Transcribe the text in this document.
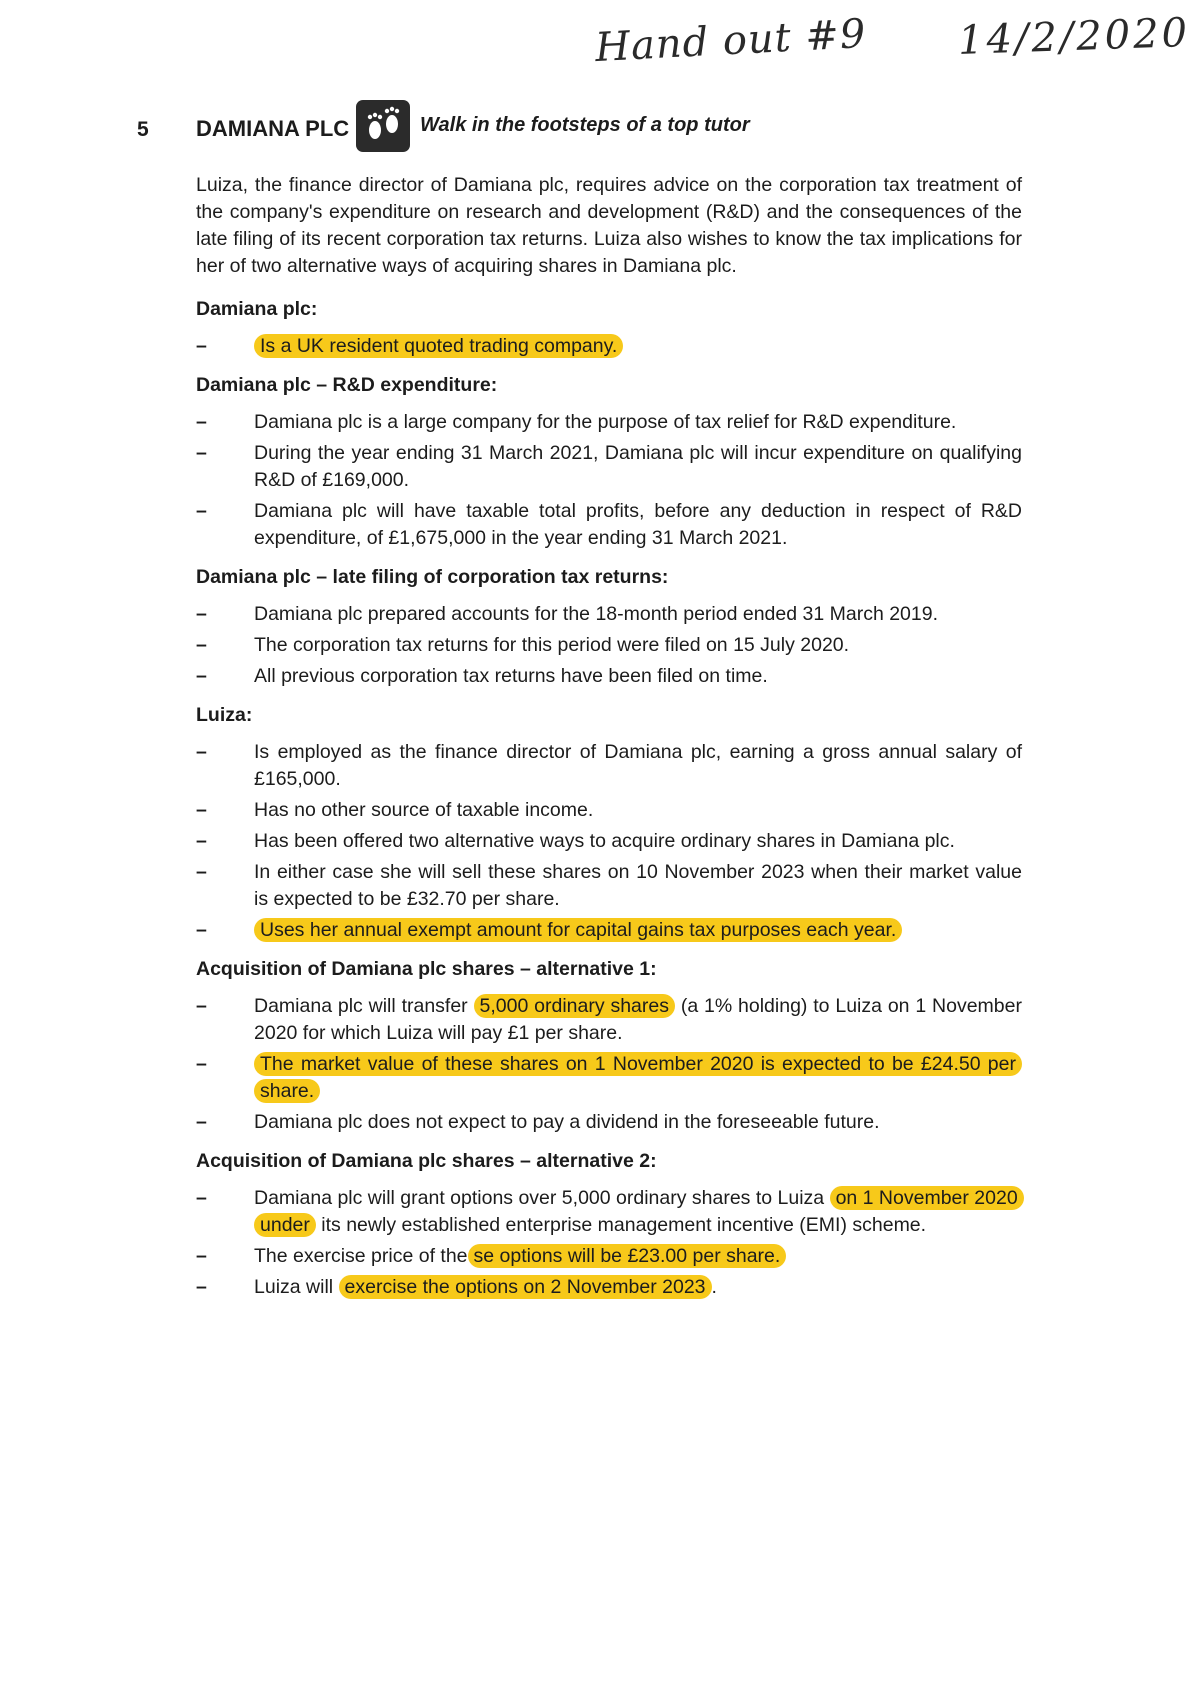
Hand out #9 14/2/2020
5 DAMIANA PLC	Walk in the footsteps of a top tutor

Luiza, the finance director of Damiana plc, requires advice on the corporation tax treatment of the company's expenditure on research and development (R&D) and the consequences of the late filing of its recent corporation tax returns. Luiza also wishes to know the tax implications for her of two alternative ways of acquiring shares in Damiana plc.

Damiana plc:
– Is a UK resident quoted trading company.
Damiana plc – R&D expenditure:
– Damiana plc is a large company for the purpose of tax relief for R&D expenditure.
– During the year ending 31 March 2021, Damiana plc will incur expenditure on qualifying R&D of £169,000.
– Damiana plc will have taxable total profits, before any deduction in respect of R&D expenditure, of £1,675,000 in the year ending 31 March 2021.
Damiana plc – late filing of corporation tax returns:
– Damiana plc prepared accounts for the 18-month period ended 31 March 2019.
– The corporation tax returns for this period were filed on 15 July 2020.
– All previous corporation tax returns have been filed on time.
Luiza:
– Is employed as the finance director of Damiana plc, earning a gross annual salary of £165,000.
– Has no other source of taxable income.
– Has been offered two alternative ways to acquire ordinary shares in Damiana plc.
– In either case she will sell these shares on 10 November 2023 when their market value is expected to be £32.70 per share.
– Uses her annual exempt amount for capital gains tax purposes each year.
Acquisition of Damiana plc shares – alternative 1:
– Damiana plc will transfer 5,000 ordinary shares (a 1% holding) to Luiza on 1 November 2020 for which Luiza will pay £1 per share.
– The market value of these shares on 1 November 2020 is expected to be £24.50 per share.
– Damiana plc does not expect to pay a dividend in the foreseeable future.
Acquisition of Damiana plc shares – alternative 2:
– Damiana plc will grant options over 5,000 ordinary shares to Luiza on 1 November 2020 under its newly established enterprise management incentive (EMI) scheme.
– The exercise price of the se options will be £23.00 per share.
– Luiza will exercise the options on 2 November 2023 .
